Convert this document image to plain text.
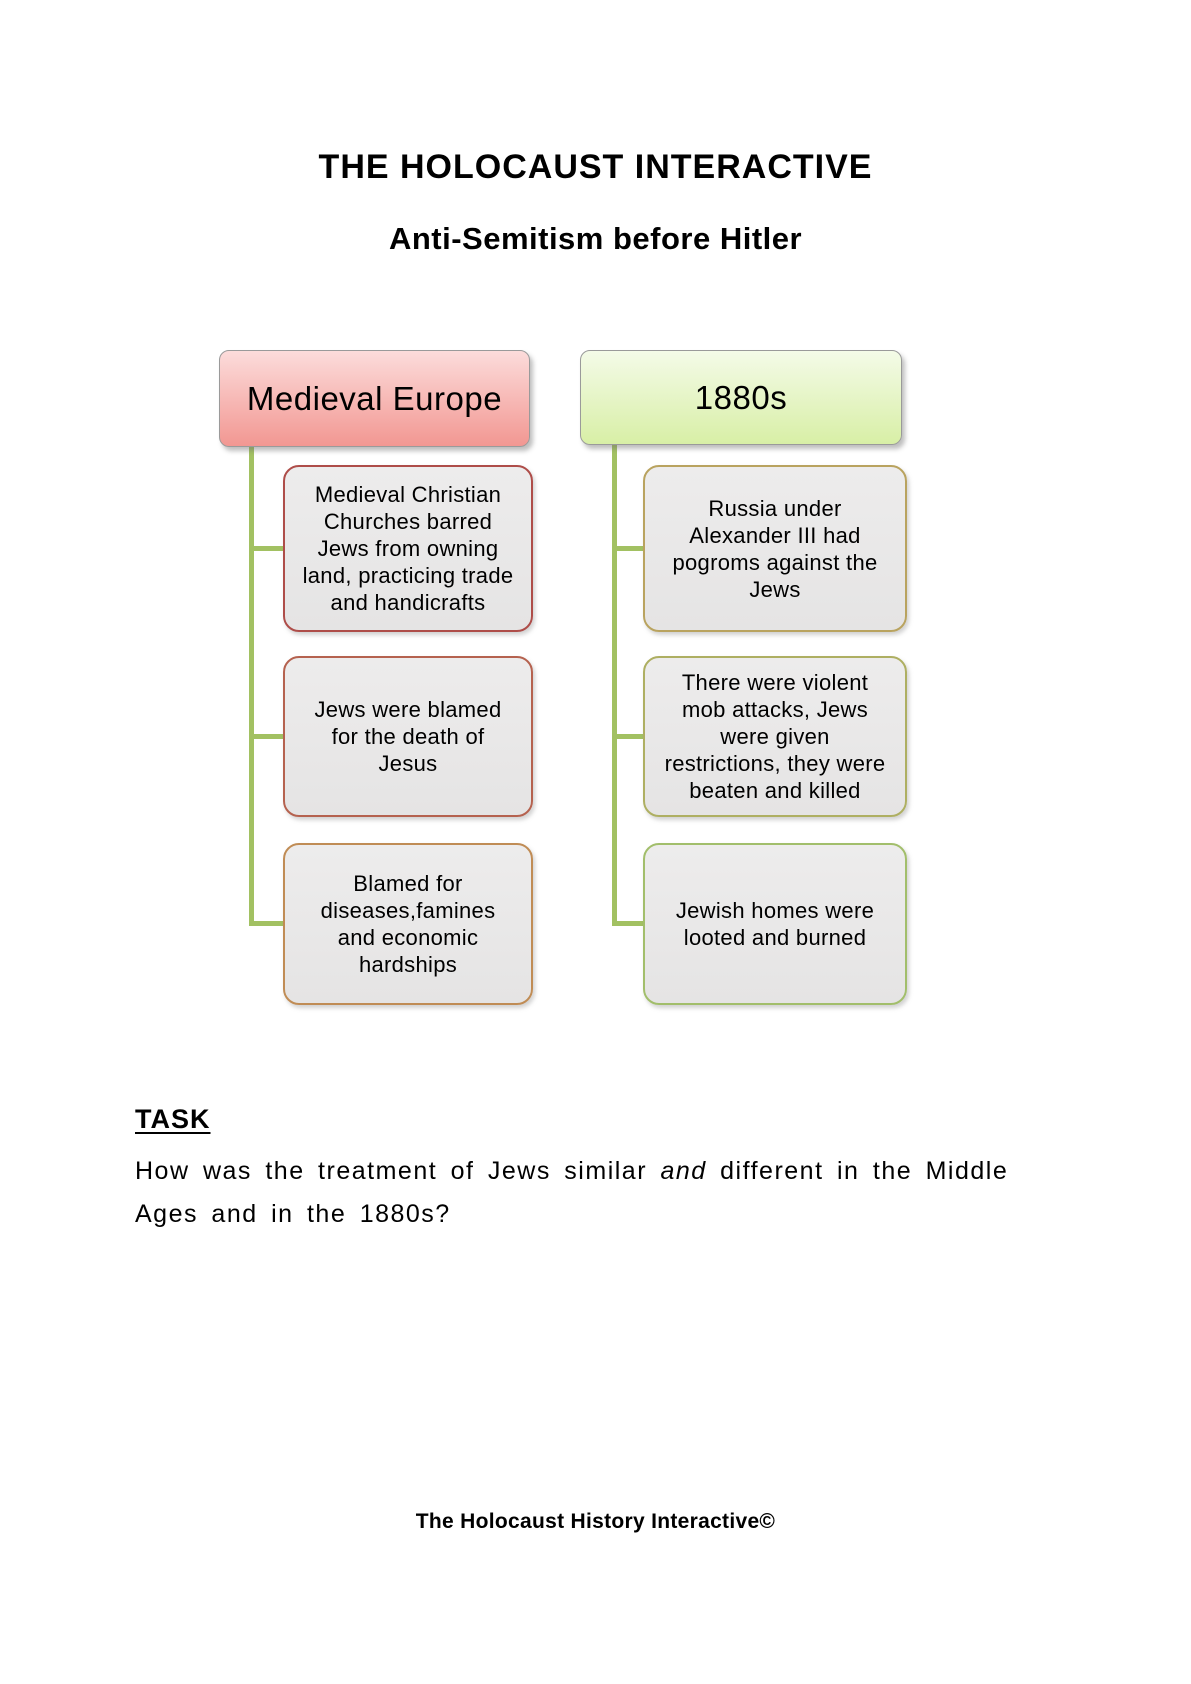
THE HOLOCAUST INTERACTIVE
Anti-Semitism before Hitler
Medieval Europe	1880s
Medieval Christian Churches barred Jews from owning land, practicing trade and handicrafts
Jews were blamed for the death of Jesus
Blamed for diseases,famines and economic hardships
Russia under Alexander III had pogroms against the Jews
There were violent mob attacks, Jews were given restrictions, they were beaten and killed
Jewish homes were looted and burned
TASK
How was the treatment of Jews similar and different in the Middle
Ages and in the 1880s?
The Holocaust History Interactive©
